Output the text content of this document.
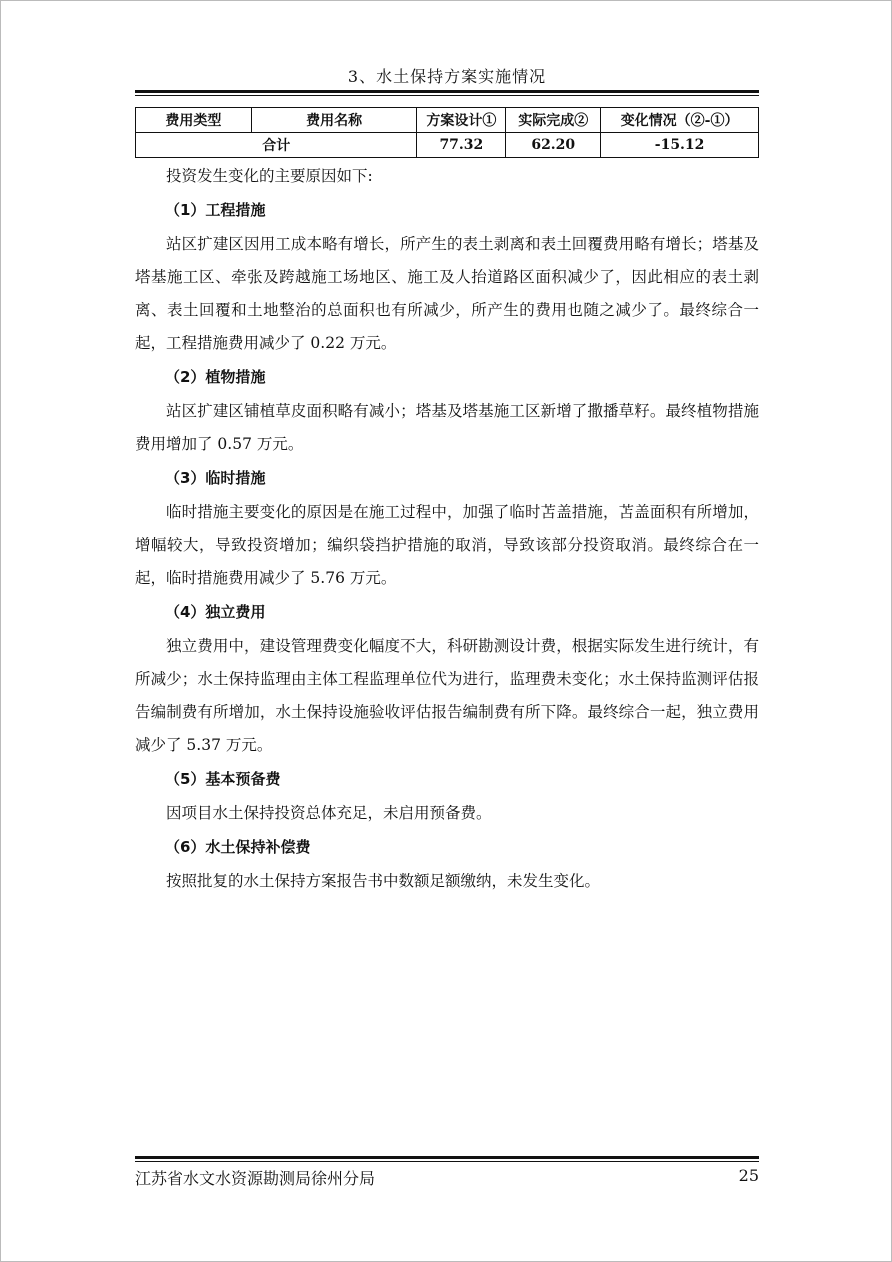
3、水土保持方案实施情况
费用类型	费用名称	方案设计①	实际完成②	变化情况（②-①）
合计		77.32	62.20	-15.12

投资发生变化的主要原因如下:

（1）工程措施

站区扩建区因用工成本略有增长，所产生的表土剥离和表土回覆费用略有增长；塔基及塔基施工区、牵张及跨越施工场地区、施工及人抬道路区面积减少了，因此相应的表土剥离、表土回覆和土地整治的总面积也有所减少，所产生的费用也随之减少了。最终综合一起，工程措施费用减少了 0.22 万元。

（2）植物措施

站区扩建区铺植草皮面积略有减小；塔基及塔基施工区新增了撒播草籽。最终植物措施费用增加了 0.57 万元。

（3）临时措施

临时措施主要变化的原因是在施工过程中，加强了临时苫盖措施，苫盖面积有所增加，增幅较大，导致投资增加；编织袋挡护措施的取消，导致该部分投资取消。最终综合在一起，临时措施费用减少了 5.76 万元。

（4）独立费用

独立费用中，建设管理费变化幅度不大，科研勘测设计费，根据实际发生进行统计，有所减少；水土保持监理由主体工程监理单位代为进行，监理费未变化；水土保持监测评估报告编制费有所增加，水土保持设施验收评估报告编制费有所下降。最终综合一起，独立费用减少了 5.37 万元。

（5）基本预备费

因项目水土保持投资总体充足，未启用预备费。

（6）水土保持补偿费

按照批复的水土保持方案报告书中数额足额缴纳，未发生变化。

江苏省水文水资源勘测局徐州分局	25
